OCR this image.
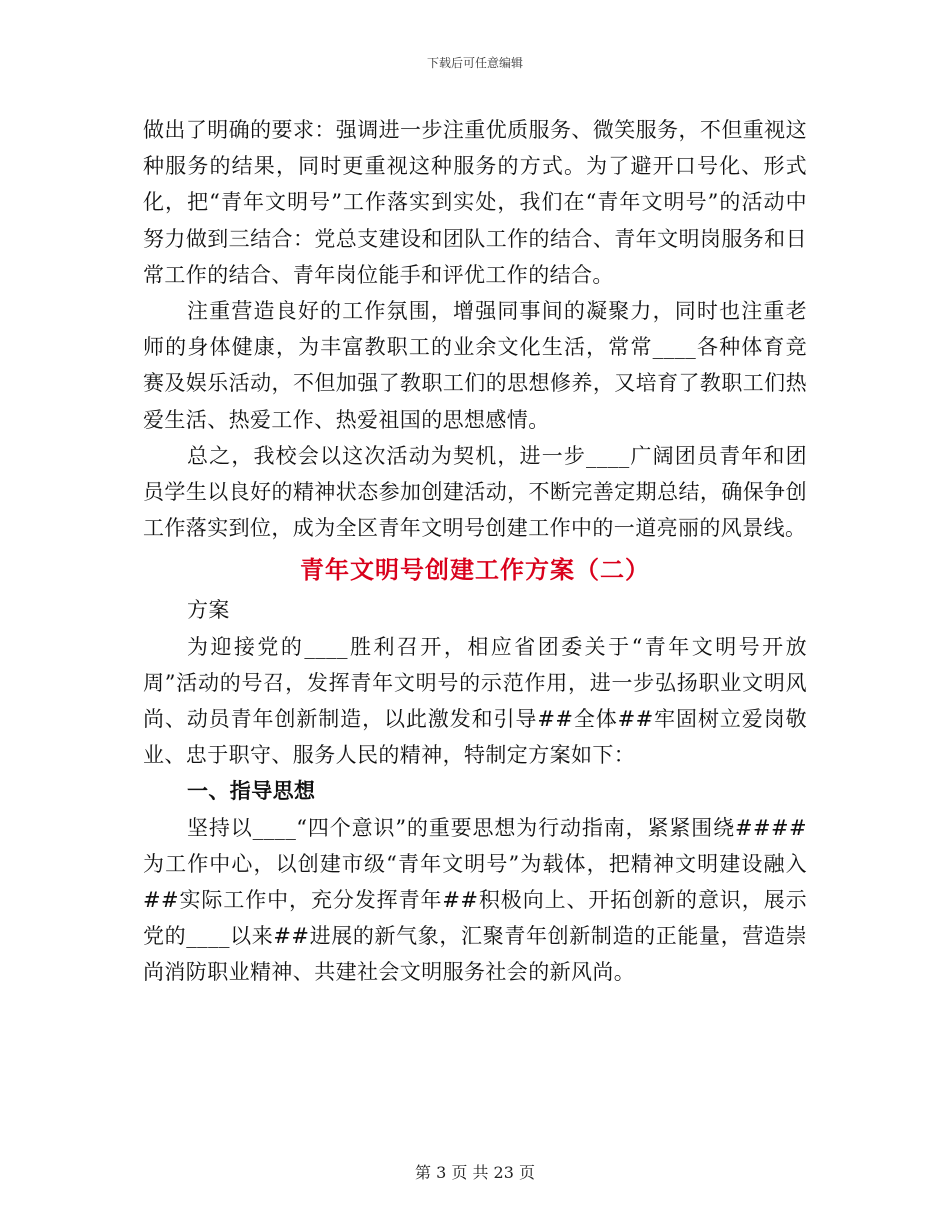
下载后可任意编辑

做出了明确的要求：强调进一步注重优质服务、微笑服务，不但重视这种服务的结果，同时更重视这种服务的方式。为了避开口号化、形式化，把“青年文明号”工作落实到实处，我们在“青年文明号”的活动中努力做到三结合：党总支建设和团队工作的结合、青年文明岗服务和日常工作的结合、青年岗位能手和评优工作的结合。

注重营造良好的工作氛围，增强同事间的凝聚力，同时也注重老师的身体健康，为丰富教职工的业余文化生活，常常____各种体育竞赛及娱乐活动，不但加强了教职工们的思想修养，又培育了教职工们热爱生活、热爱工作、热爱祖国的思想感情。

总之，我校会以这次活动为契机，进一步____广阔团员青年和团员学生以良好的精神状态参加创建活动，不断完善定期总结，确保争创工作落实到位，成为全区青年文明号创建工作中的一道亮丽的风景线。

青年文明号创建工作方案（二）

方案

为迎接党的____胜利召开，相应省团委关于“青年文明号开放周”活动的号召，发挥青年文明号的示范作用，进一步弘扬职业文明风尚、动员青年创新制造，以此激发和引导##全体##牢固树立爱岗敬业、忠于职守、服务人民的精神，特制定方案如下：

一、指导思想

坚持以____“四个意识”的重要思想为行动指南，紧紧围绕####为工作中心，以创建市级“青年文明号”为载体，把精神文明建设融入##实际工作中，充分发挥青年##积极向上、开拓创新的意识，展示党的____以来##进展的新气象，汇聚青年创新制造的正能量，营造崇尚消防职业精神、共建社会文明服务社会的新风尚。

第 3 页 共 23 页
